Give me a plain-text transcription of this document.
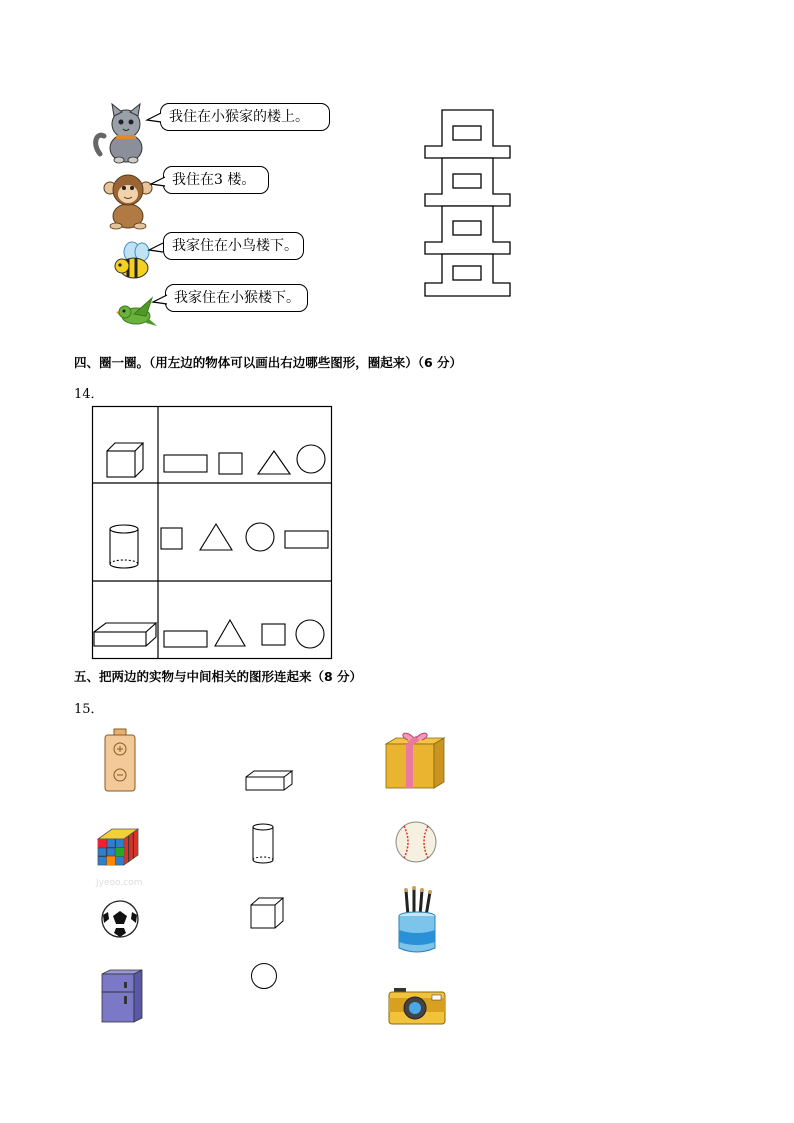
我住在小猴家的楼上。
我住在3 楼。
我家住在小鸟楼下。
我家住在小猴楼下。
四、圈一圈。（用左边的物体可以画出右边哪些图形，圈起来）（6 分）
14．
五、把两边的实物与中间相关的图形连起来（8 分）
15．
Jyeoo.com
